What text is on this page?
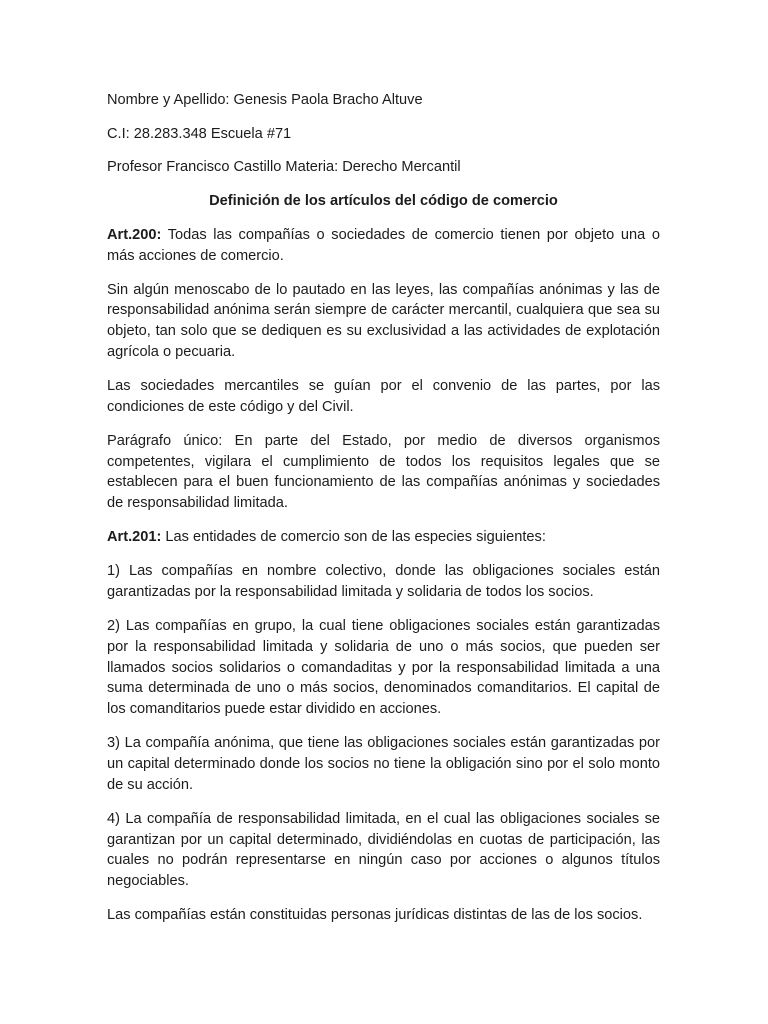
Nombre y Apellido: Genesis Paola Bracho Altuve
C.I: 28.283.348 Escuela #71
Profesor Francisco Castillo Materia: Derecho Mercantil
Definición de los artículos del código de comercio

Art.200: Todas las compañías o sociedades de comercio tienen por objeto una o más acciones de comercio.

Sin algún menoscabo de lo pautado en las leyes, las compañías anónimas y las de responsabilidad anónima serán siempre de carácter mercantil, cualquiera que sea su objeto, tan solo que se dediquen es su exclusividad a las actividades de explotación agrícola o pecuaria.

Las sociedades mercantiles se guían por el convenio de las partes, por las condiciones de este código y del Civil.

Parágrafo único: En parte del Estado, por medio de diversos organismos competentes, vigilara el cumplimiento de todos los requisitos legales que se establecen para el buen funcionamiento de las compañías anónimas y sociedades de responsabilidad limitada.

Art.201: Las entidades de comercio son de las especies siguientes:

1) Las compañías en nombre colectivo, donde las obligaciones sociales están garantizadas por la responsabilidad limitada y solidaria de todos los socios.

2) Las compañías en grupo, la cual tiene obligaciones sociales están garantizadas por la responsabilidad limitada y solidaria de uno o más socios, que pueden ser llamados socios solidarios o comandaditas y por la responsabilidad limitada a una suma determinada de uno o más socios, denominados comanditarios. El capital de los comanditarios puede estar dividido en acciones.

3) La compañía anónima, que tiene las obligaciones sociales están garantizadas por un capital determinado donde los socios no tiene la obligación sino por el solo monto de su acción.

4) La compañía de responsabilidad limitada, en el cual las obligaciones sociales se garantizan por un capital determinado, dividiéndolas en cuotas de participación, las cuales no podrán representarse en ningún caso por acciones o algunos títulos negociables.

Las compañías están constituidas personas jurídicas distintas de las de los socios.
